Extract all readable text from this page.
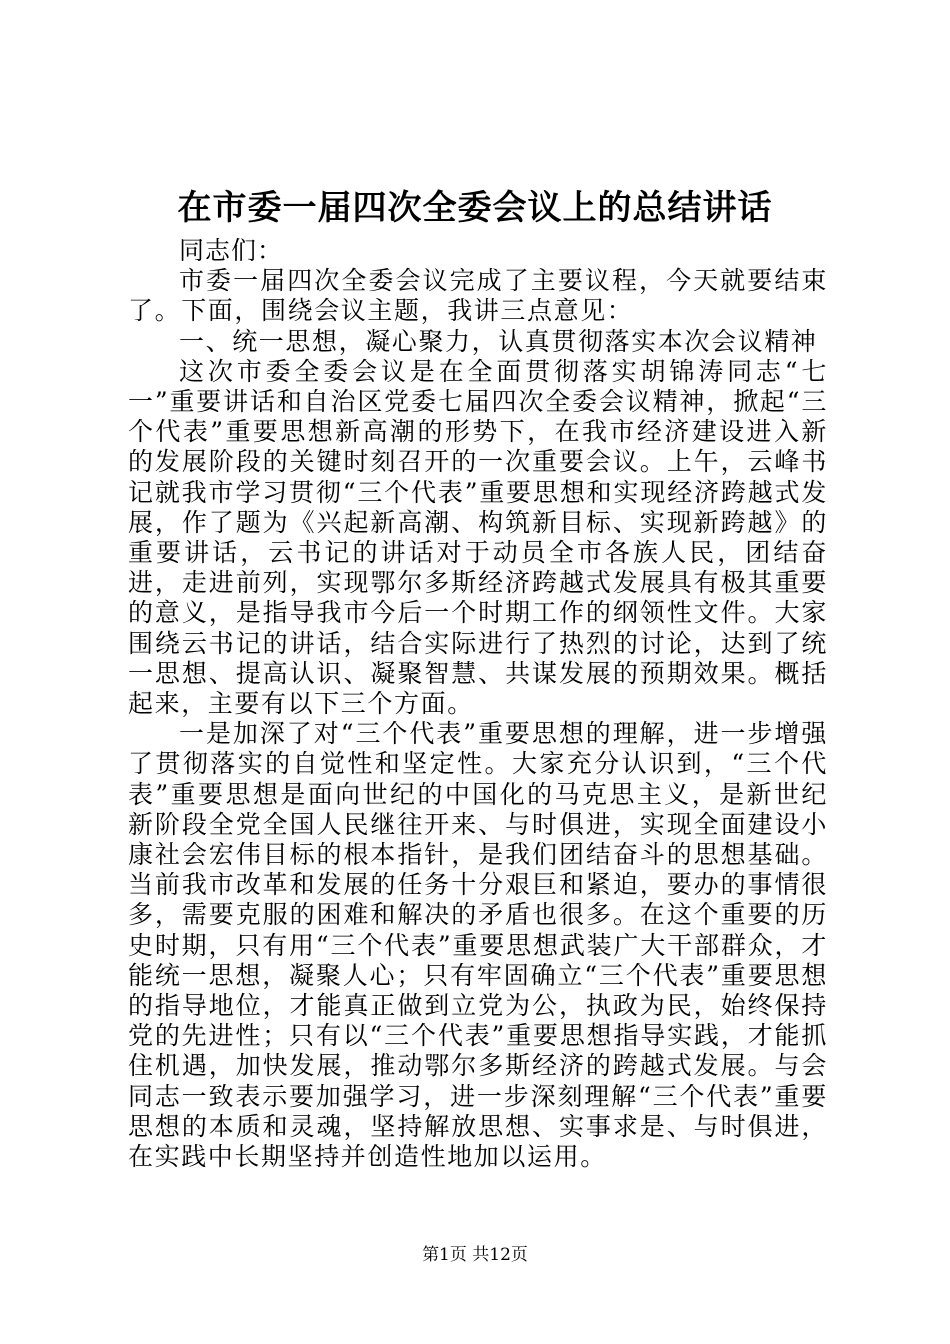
在市委一届四次全委会议上的总结讲话

同志们：

市委一届四次全委会议完成了主要议程，今天就要结束了。下面，围绕会议主题，我讲三点意见：

一、统一思想，凝心聚力，认真贯彻落实本次会议精神

这次市委全委会议是在全面贯彻落实胡锦涛同志“七一”重要讲话和自治区党委七届四次全委会议精神，掀起“三个代表”重要思想新高潮的形势下，在我市经济建设进入新的发展阶段的关键时刻召开的一次重要会议。上午，云峰书记就我市学习贯彻“三个代表”重要思想和实现经济跨越式发展，作了题为《兴起新高潮、构筑新目标、实现新跨越》的重要讲话，云书记的讲话对于动员全市各族人民，团结奋进，走进前列，实现鄂尔多斯经济跨越式发展具有极其重要的意义，是指导我市今后一个时期工作的纲领性文件。大家围绕云书记的讲话，结合实际进行了热烈的讨论，达到了统一思想、提高认识、凝聚智慧、共谋发展的预期效果。概括起来，主要有以下三个方面。

一是加深了对“三个代表”重要思想的理解，进一步增强了贯彻落实的自觉性和坚定性。大家充分认识到，“三个代表”重要思想是面向世纪的中国化的马克思主义，是新世纪新阶段全党全国人民继往开来、与时俱进，实现全面建设小康社会宏伟目标的根本指针，是我们团结奋斗的思想基础。当前我市改革和发展的任务十分艰巨和紧迫，要办的事情很多，需要克服的困难和解决的矛盾也很多。在这个重要的历史时期，只有用“三个代表”重要思想武装广大干部群众，才能统一思想，凝聚人心；只有牢固确立“三个代表”重要思想的指导地位，才能真正做到立党为公，执政为民，始终保持党的先进性；只有以“三个代表”重要思想指导实践，才能抓住机遇，加快发展，推动鄂尔多斯经济的跨越式发展。与会同志一致表示要加强学习，进一步深刻理解“三个代表”重要思想的本质和灵魂，坚持解放思想、实事求是、与时俱进，在实践中长期坚持并创造性地加以运用。

第1页 共12页
